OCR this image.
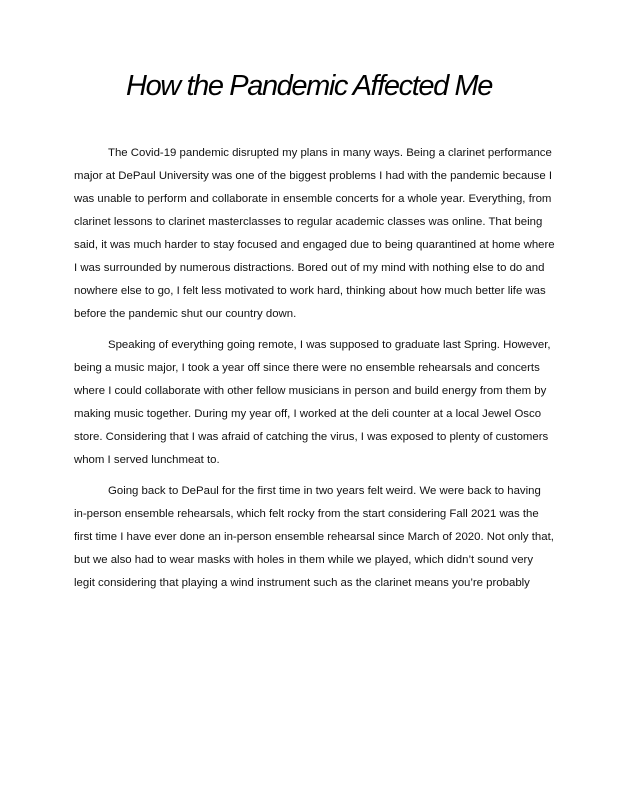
How the Pandemic Affected Me

The Covid-19 pandemic disrupted my plans in many ways. Being a clarinet performance
major at DePaul University was one of the biggest problems I had with the pandemic because I
was unable to perform and collaborate in ensemble concerts for a whole year. Everything, from
clarinet lessons to clarinet masterclasses to regular academic classes was online. That being
said, it was much harder to stay focused and engaged due to being quarantined at home where
I was surrounded by numerous distractions. Bored out of my mind with nothing else to do and
nowhere else to go, I felt less motivated to work hard, thinking about how much better life was
before the pandemic shut our country down.

Speaking of everything going remote, I was supposed to graduate last Spring. However,
being a music major, I took a year off since there were no ensemble rehearsals and concerts
where I could collaborate with other fellow musicians in person and build energy from them by
making music together. During my year off, I worked at the deli counter at a local Jewel Osco
store. Considering that I was afraid of catching the virus, I was exposed to plenty of customers
whom I served lunchmeat to.

Going back to DePaul for the first time in two years felt weird. We were back to having
in-person ensemble rehearsals, which felt rocky from the start considering Fall 2021 was the
first time I have ever done an in-person ensemble rehearsal since March of 2020. Not only that,
but we also had to wear masks with holes in them while we played, which didn’t sound very
legit considering that playing a wind instrument such as the clarinet means you’re probably
